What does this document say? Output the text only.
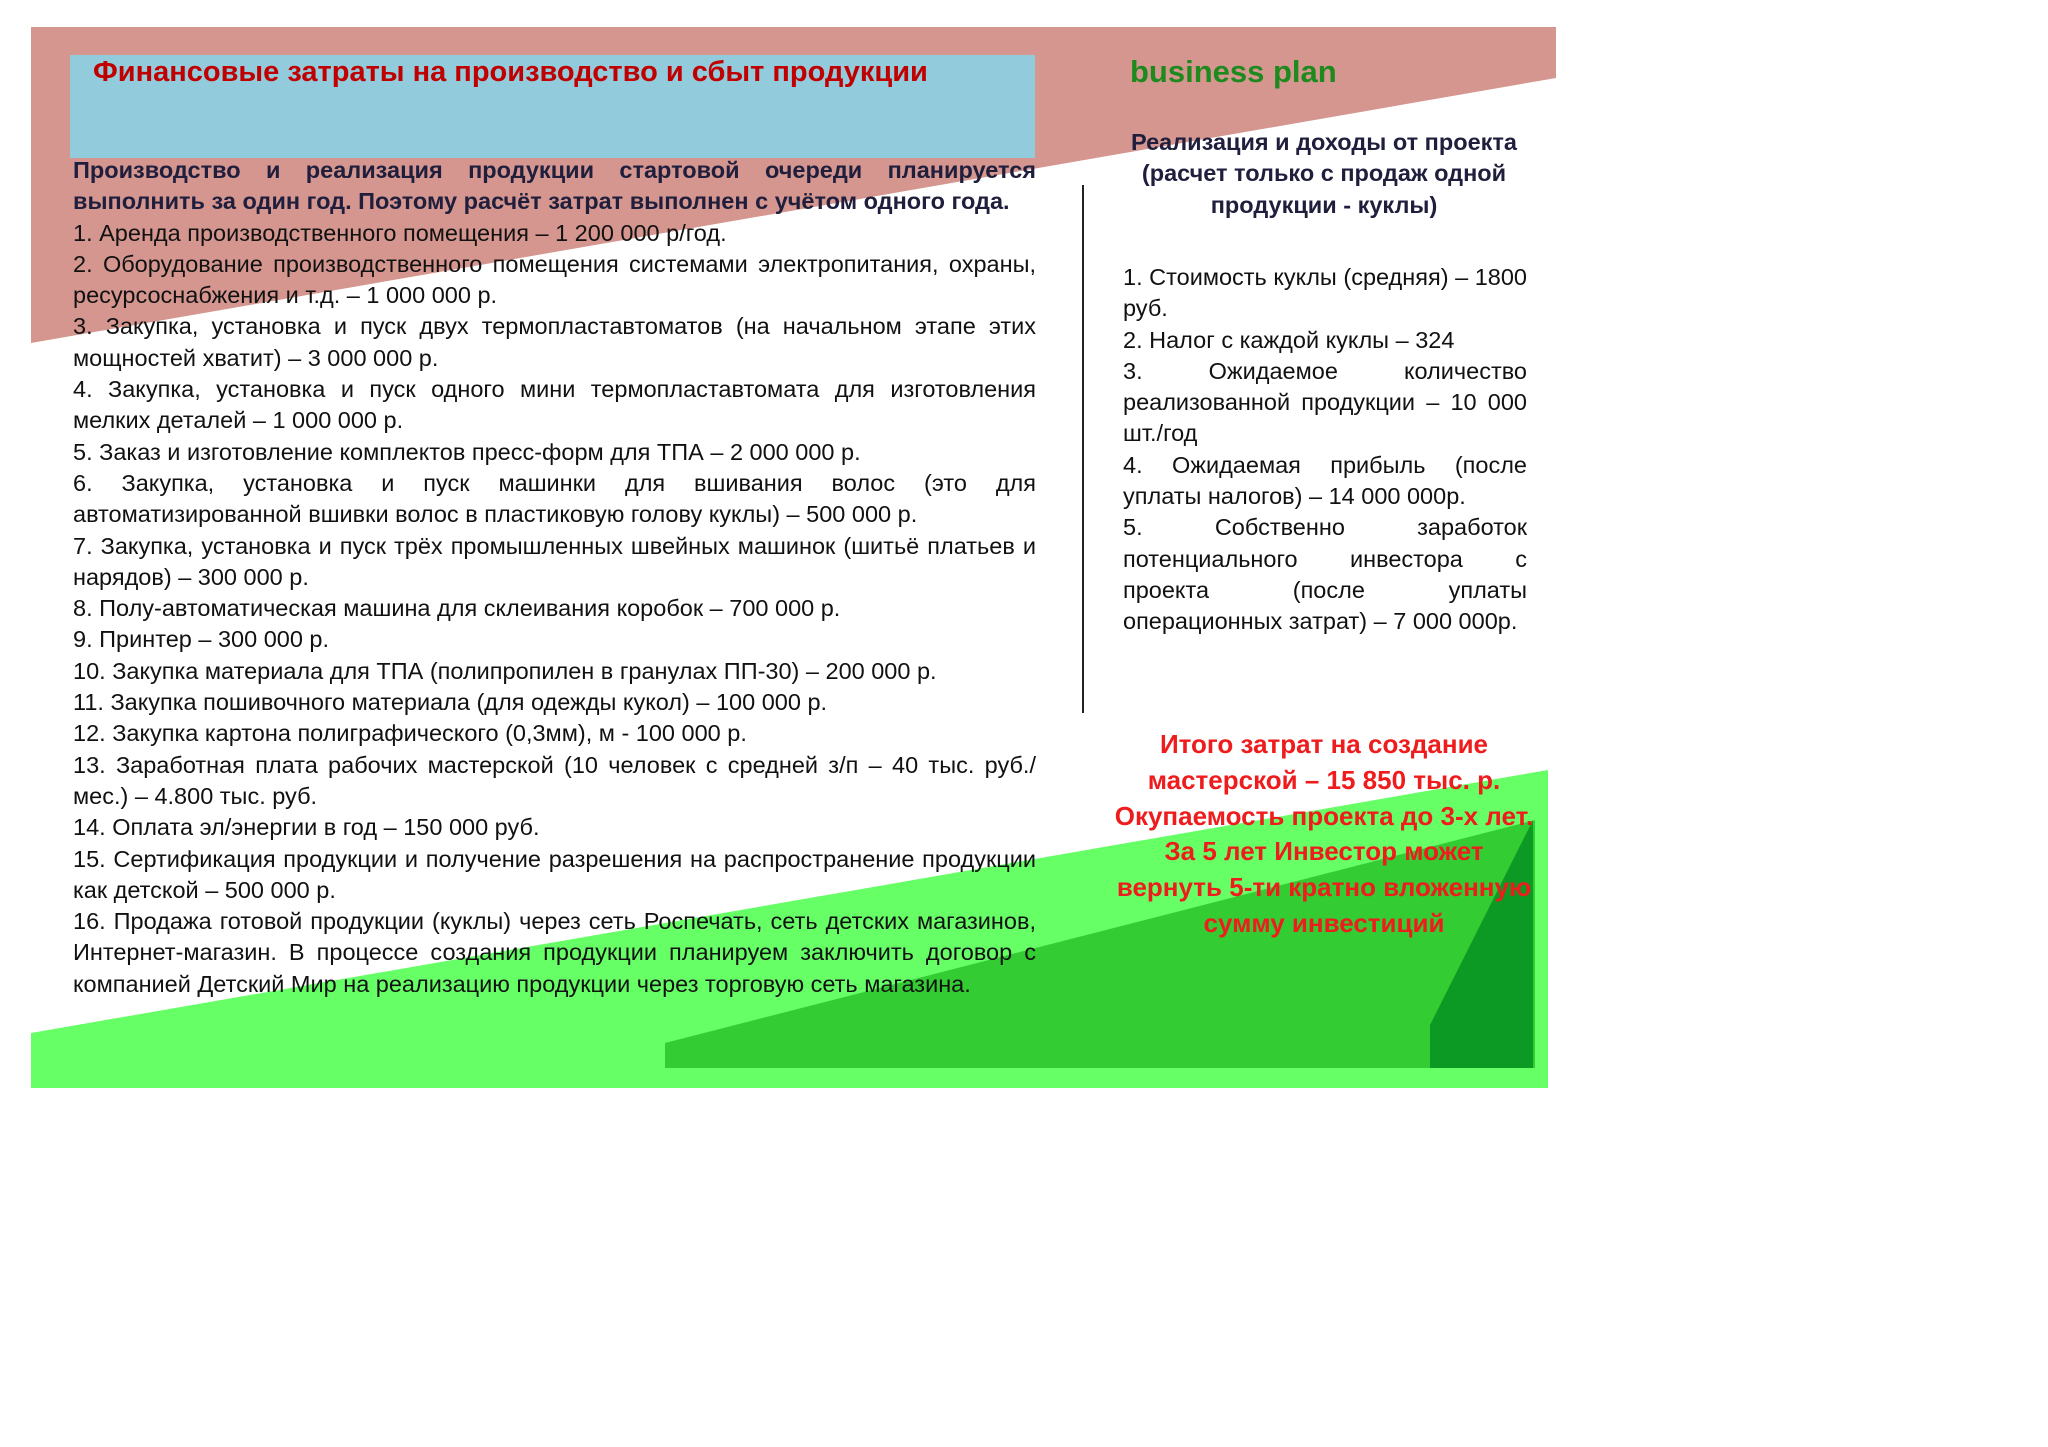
Финансовые затраты на производство и сбыт продукции	business plan

Производство и реализация продукции стартовой очереди планируется выполнить за один год. Поэтому расчёт затрат выполнен с учётом одного года.

1. Аренда производственного помещения – 1 200 000 р/год.

2. Оборудование производственного помещения системами электропитания, охраны, ресурсоснабжения и т.д. – 1 000 000 р.

3. Закупка, установка и пуск двух термопластавтоматов (на начальном этапе этих мощностей хватит) – 3 000 000 р.

4. Закупка, установка и пуск одного мини термопластавтомата для изготовления мелких деталей – 1 000 000 р.

5. Заказ и изготовление комплектов пресс-форм для ТПА – 2 000 000 р.

6. Закупка, установка и пуск машинки для вшивания волос (это для автоматизированной вшивки волос в пластиковую голову куклы) – 500 000 р.

7. Закупка, установка и пуск трёх промышленных швейных машинок (шитьё платьев и нарядов) – 300 000 р.

8. Полу-автоматическая машина для склеивания коробок – 700 000 р.

9. Принтер – 300 000 р.

10. Закупка материала для ТПА (полипропилен в гранулах ПП-30) – 200 000 р.

11. Закупка пошивочного материала (для одежды кукол) – 100 000 р.

12. Закупка картона полиграфического (0,3мм), м - 100 000 р.

13. Заработная плата рабочих мастерской (10 человек с средней з/п – 40 тыс. руб./мес.) – 4.800 тыс. руб.

14. Оплата эл/энергии в год – 150 000 руб.

15. Сертификация продукции и получение разрешения на распространение продукции как детской – 500 000 р.

16. Продажа готовой продукции (куклы) через сеть Роспечать, сеть детских магазинов, Интернет-магазин. В процессе создания продукции планируем заключить договор с компанией Детский Мир на реализацию продукции через торговую сеть магазина.

Реализация и доходы от проекта (расчет только с продаж одной продукции - куклы)

1. Стоимость куклы (средняя) – 1800 руб.

2. Налог с каждой куклы – 324

3. Ожидаемое количество реализованной продукции – 10 000 шт./год

4. Ожидаемая прибыль (после уплаты налогов) – 14 000 000р.

5. Собственно заработок потенциального инвестора с проекта (после уплаты операционных затрат) – 7 000 000р.

Итого затрат на создание мастерской – 15 850 тыс. р.

Окупаемость проекта до 3-х лет.

За 5 лет Инвестор может вернуть 5-ти кратно вложенную сумму инвестиций
